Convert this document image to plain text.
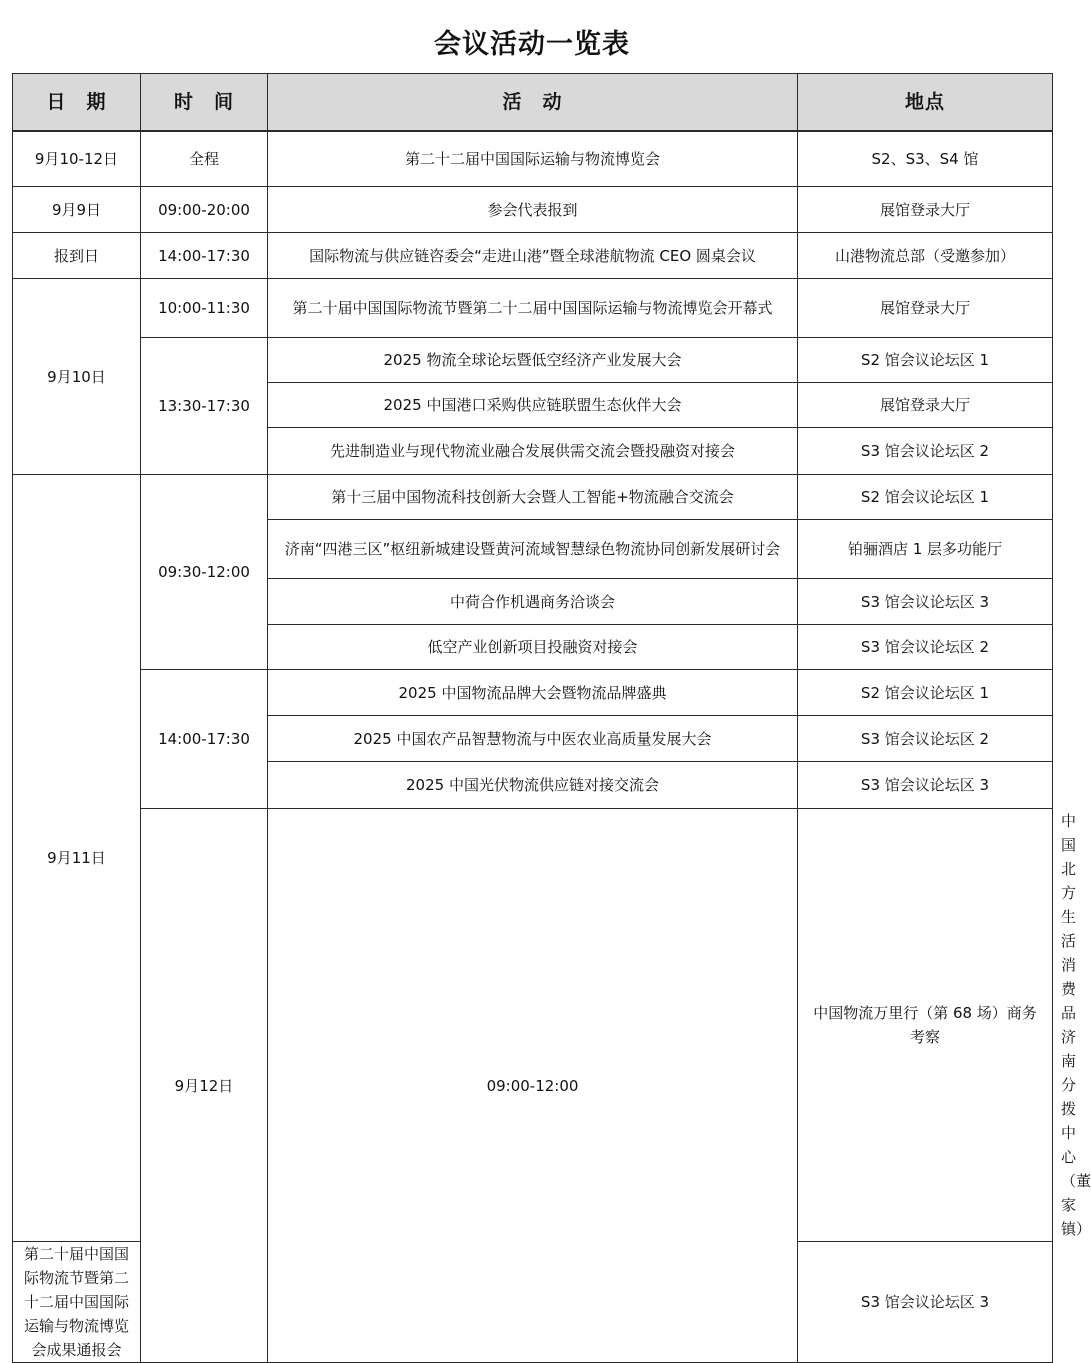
会议活动一览表
日　期	时　间	活　动	地点	
9月10-12日	全程	第二十二届中国国际运输与物流博览会	S2、S3、S4 馆	
9月9日	09:00-20:00	参会代表报到	展馆登录大厅	
报到日	14:00-17:30	国际物流与供应链咨委会“走进山港”暨全球港航物流 CEO 圆桌会议	山港物流总部（受邀参加）	
9月10日	10:00-11:30	第二十届中国国际物流节暨第二十二届中国国际运输与物流博览会开幕式	展馆登录大厅	
	13:30-17:30	2025 物流全球论坛暨低空经济产业发展大会	S2 馆会议论坛区 1	
		2025 中国港口采购供应链联盟生态伙伴大会	展馆登录大厅	
		先进制造业与现代物流业融合发展供需交流会暨投融资对接会	S3 馆会议论坛区 2	
9月11日	09:30-12:00	第十三届中国物流科技创新大会暨人工智能+物流融合交流会	S2 馆会议论坛区 1	
		济南“四港三区”枢纽新城建设暨黄河流域智慧绿色物流协同创新发展研讨会	铂骊酒店 1 层多功能厅	
		中荷合作机遇商务洽谈会	S3 馆会议论坛区 3	
		低空产业创新项目投融资对接会	S3 馆会议论坛区 2	
	14:00-17:30	2025 中国物流品牌大会暨物流品牌盛典	S2 馆会议论坛区 1	
		2025 中国农产品智慧物流与中医农业高质量发展大会	S3 馆会议论坛区 2	
		2025 中国光伏物流供应链对接交流会	S3 馆会议论坛区 3	
	9月12日	09:00-12:00	中国物流万里行（第 68 场）商务考察	中国北方生活消费品济南分拨中心（董家镇）
第二十届中国国际物流节暨第二十二届中国国际运输与物流博览会成果通报会			S3 馆会议论坛区 3	
